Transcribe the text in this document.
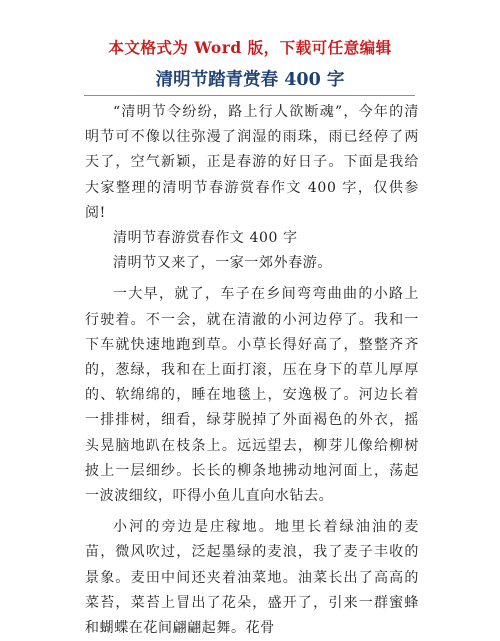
本文格式为 Word 版，下载可任意编辑
清明节踏青赏春 400 字

“清明节令纷纷，路上行人欲断魂”，今年的清明节可不像以往弥漫了润湿的雨珠，雨已经停了两天了，空气新颖，正是春游的好日子。下面是我给大家整理的清明节春游赏春作文 400 字，仅供参阅!

清明节春游赏春作文 400 字

清明节又来了，一家一郊外春游。

一大早，就了，车子在乡间弯弯曲曲的小路上行驶着。不一会，就在清澈的小河边停了。我和一下车就快速地跑到草。小草长得好高了，整整齐齐的，葱绿，我和在上面打滚，压在身下的草儿厚厚的、软绵绵的，睡在地毯上，安逸极了。河边长着一排排树，细看，绿芽脱掉了外面褐色的外衣，摇头晃脑地趴在枝条上。远远望去，柳芽儿像给柳树披上一层细纱。长长的柳条地拂动地河面上，荡起一波波细纹，吓得小鱼儿直向水钻去。

小河的旁边是庄稼地。地里长着绿油油的麦苗，微风吹过，泛起墨绿的麦浪，我了麦子丰收的景象。麦田中间还夹着油菜地。油菜长出了高高的菜苔，菜苔上冒出了花朵，盛开了，引来一群蜜蜂和蝴蝶在花间翩翩起舞。花骨
